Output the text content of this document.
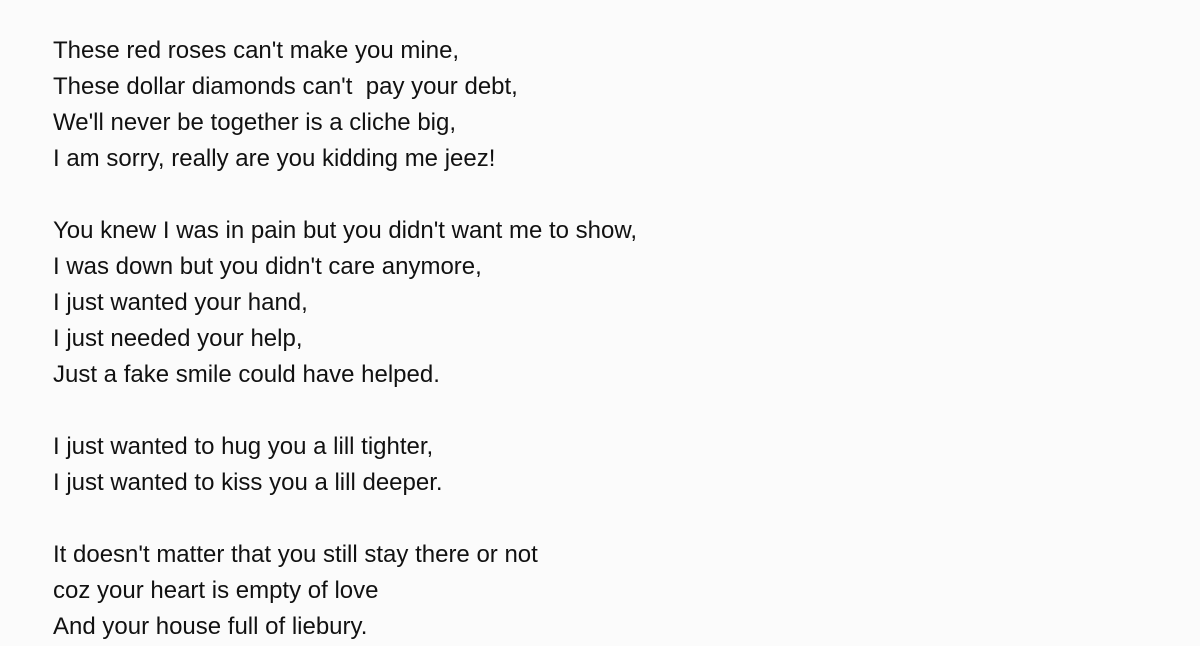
These red roses can't make you mine,
These dollar diamonds can't  pay your debt,
We'll never be together is a cliche big,
I am sorry, really are you kidding me jeez!
You knew I was in pain but you didn't want me to show,
I was down but you didn't care anymore,
I just wanted your hand,
I just needed your help,
Just a fake smile could have helped.
I just wanted to hug you a lill tighter,
I just wanted to kiss you a lill deeper.
It doesn't matter that you still stay there or not
coz your heart is empty of love
And your house full of liebury.
